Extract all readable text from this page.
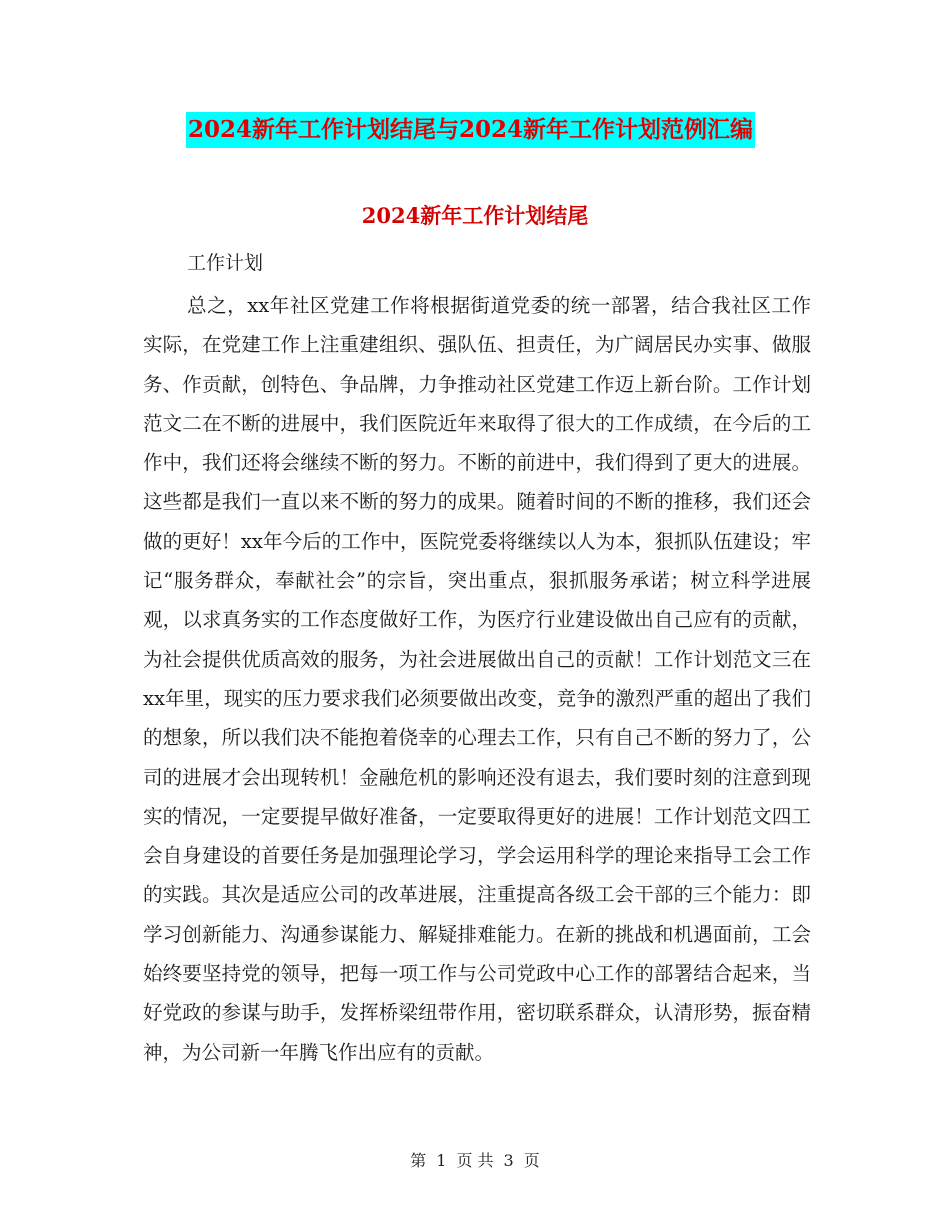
2024新年工作计划结尾与2024新年工作计划范例汇编
2024新年工作计划结尾
工作计划

总之，xx年社区党建工作将根据街道党委的统一部署，结合我社区工作实际，在党建工作上注重建组织、强队伍、担责任，为广阔居民办实事、做服务、作贡献，创特色、争品牌，力争推动社区党建工作迈上新台阶。工作计划范文二在不断的进展中，我们医院近年来取得了很大的工作成绩，在今后的工作中，我们还将会继续不断的努力。不断的前进中，我们得到了更大的进展。这些都是我们一直以来不断的努力的成果。随着时间的不断的推移，我们还会做的更好！xx年今后的工作中，医院党委将继续以人为本，狠抓队伍建设；牢记“服务群众，奉献社会”的宗旨，突出重点，狠抓服务承诺；树立科学进展观，以求真务实的工作态度做好工作，为医疗行业建设做出自己应有的贡献，为社会提供优质高效的服务，为社会进展做出自己的贡献！工作计划范文三在xx年里，现实的压力要求我们必须要做出改变，竞争的激烈严重的超出了我们的想象，所以我们决不能抱着侥幸的心理去工作，只有自己不断的努力了，公司的进展才会出现转机！金融危机的影响还没有退去，我们要时刻的注意到现实的情况，一定要提早做好准备，一定要取得更好的进展！工作计划范文四工会自身建设的首要任务是加强理论学习，学会运用科学的理论来指导工会工作的实践。其次是适应公司的改革进展，注重提高各级工会干部的三个能力：即学习创新能力、沟通参谋能力、解疑排难能力。在新的挑战和机遇面前，工会始终要坚持党的领导，把每一项工作与公司党政中心工作的部署结合起来，当好党政的参谋与助手，发挥桥梁纽带作用，密切联系群众，认清形势，振奋精神，为公司新一年腾飞作出应有的贡献。

第 1 页 共 3 页
